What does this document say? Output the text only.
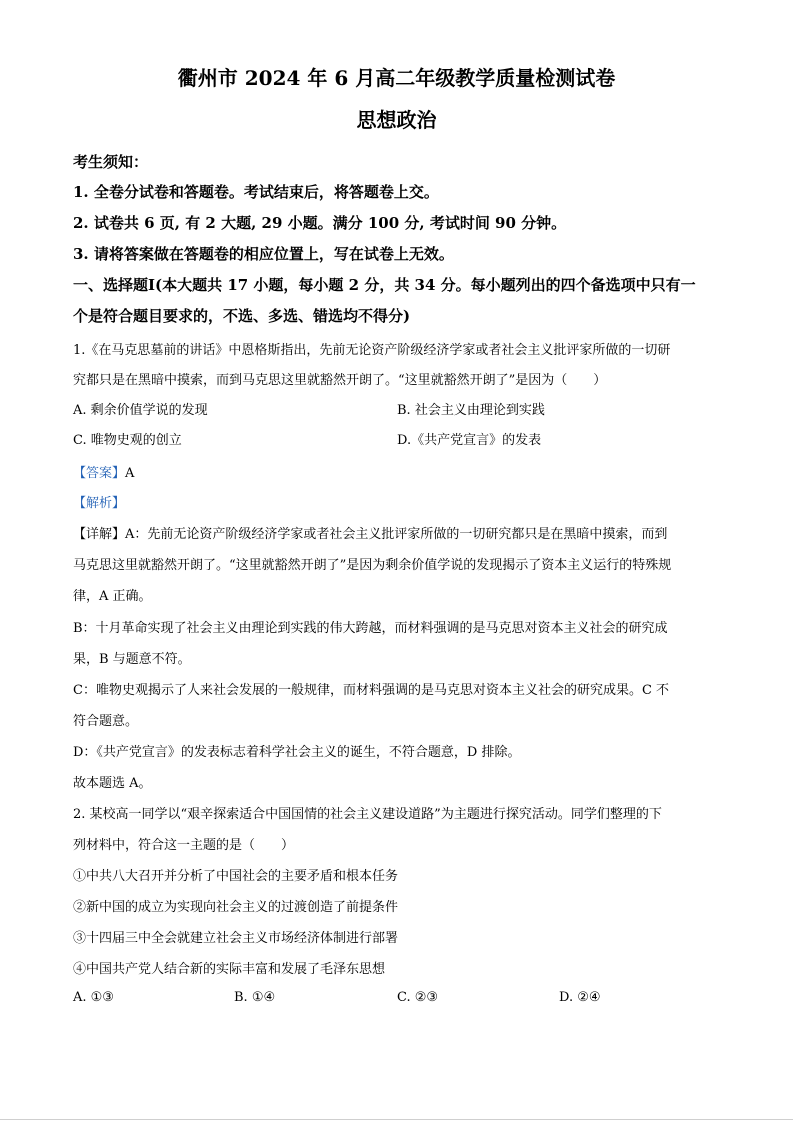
衢州市 2024 年 6 月高二年级教学质量检测试卷
思想政治
考生须知：
1. 全卷分试卷和答题卷。考试结束后，将答题卷上交。
2. 试卷共 6 页, 有 2 大题, 29 小题。满分 100 分, 考试时间 90 分钟。
3. 请将答案做在答题卷的相应位置上，写在试卷上无效。
一、选择题Ⅰ(本大题共 17 小题，每小题 2 分，共 34 分。每小题列出的四个备选项中只有一
个是符合题目要求的，不选、多选、错选均不得分)
1.《在马克思墓前的讲话》中恩格斯指出，先前无论资产阶级经济学家或者社会主义批评家所做的一切研
究都只是在黑暗中摸索，而到马克思这里就豁然开朗了。“这里就豁然开朗了”是因为（　　）
A. 剩余价值学说的发现	B. 社会主义由理论到实践
C. 唯物史观的创立	D.《共产党宣言》的发表
【答案】A
【解析】
【详解】A：先前无论资产阶级经济学家或者社会主义批评家所做的一切研究都只是在黑暗中摸索，而到
马克思这里就豁然开朗了。“这里就豁然开朗了”是因为剩余价值学说的发现揭示了资本主义运行的特殊规
律，A 正确。
B：十月革命实现了社会主义由理论到实践的伟大跨越，而材料强调的是马克思对资本主义社会的研究成
果，B 与题意不符。
C：唯物史观揭示了人来社会发展的一般规律，而材料强调的是马克思对资本主义社会的研究成果。C 不
符合题意。
D：《共产党宣言》的发表标志着科学社会主义的诞生，不符合题意，D 排除。
故本题选 A。
2. 某校高一同学以“艰辛探索适合中国国情的社会主义建设道路”为主题进行探究活动。同学们整理的下
列材料中，符合这一主题的是（　　）
①中共八大召开并分析了中国社会的主要矛盾和根本任务
②新中国的成立为实现向社会主义的过渡创造了前提条件
③十四届三中全会就建立社会主义市场经济体制进行部署
④中国共产党人结合新的实际丰富和发展了毛泽东思想
A. ①③	B. ①④	C. ②③	D. ②④
